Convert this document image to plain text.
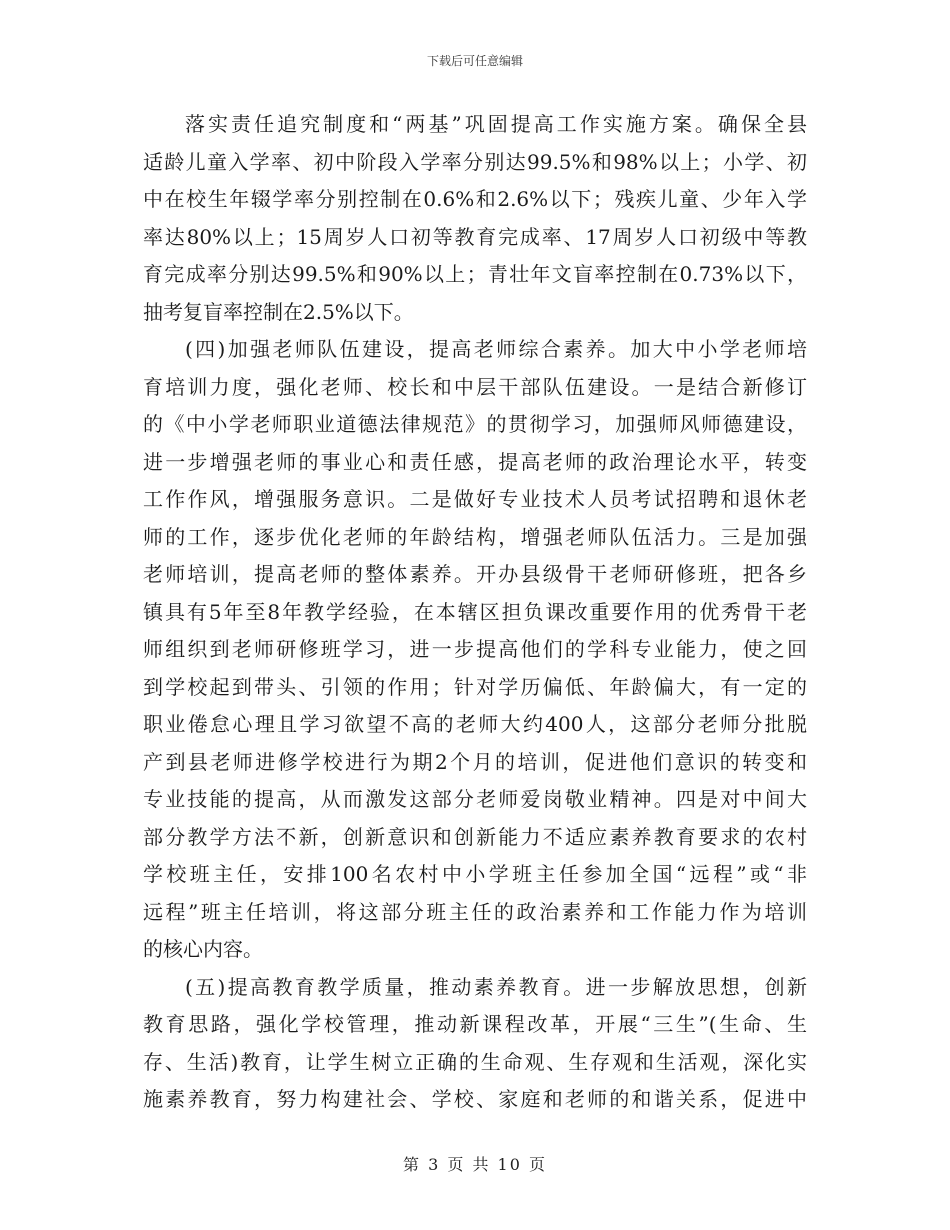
下载后可任意编辑
落实责任追究制度和“两基”巩固提高工作实施方案。确保全县
适龄儿童入学率、初中阶段入学率分别达99.5%和98%以上；小学、初
中在校生年辍学率分别控制在0.6%和2.6%以下；残疾儿童、少年入学
率达80%以上；15周岁人口初等教育完成率、17周岁人口初级中等教
育完成率分别达99.5%和90%以上；青壮年文盲率控制在0.73%以下，
抽考复盲率控制在2.5%以下。
(四)加强老师队伍建设，提高老师综合素养。加大中小学老师培
育培训力度，强化老师、校长和中层干部队伍建设。一是结合新修订
的《中小学老师职业道德法律规范》的贯彻学习，加强师风师德建设，
进一步增强老师的事业心和责任感，提高老师的政治理论水平，转变
工作作风，增强服务意识。二是做好专业技术人员考试招聘和退休老
师的工作，逐步优化老师的年龄结构，增强老师队伍活力。三是加强
老师培训，提高老师的整体素养。开办县级骨干老师研修班，把各乡
镇具有5年至8年教学经验，在本辖区担负课改重要作用的优秀骨干老
师组织到老师研修班学习，进一步提高他们的学科专业能力，使之回
到学校起到带头、引领的作用；针对学历偏低、年龄偏大，有一定的
职业倦怠心理且学习欲望不高的老师大约400人，这部分老师分批脱
产到县老师进修学校进行为期2个月的培训，促进他们意识的转变和
专业技能的提高，从而激发这部分老师爱岗敬业精神。四是对中间大
部分教学方法不新，创新意识和创新能力不适应素养教育要求的农村
学校班主任，安排100名农村中小学班主任参加全国“远程”或“非
远程”班主任培训，将这部分班主任的政治素养和工作能力作为培训
的核心内容。
(五)提高教育教学质量，推动素养教育。进一步解放思想，创新
教育思路，强化学校管理，推动新课程改革，开展“三生”(生命、生
存、生活)教育，让学生树立正确的生命观、生存观和生活观，深化实
施素养教育，努力构建社会、学校、家庭和老师的和谐关系，促进中
第 3 页 共 10 页
